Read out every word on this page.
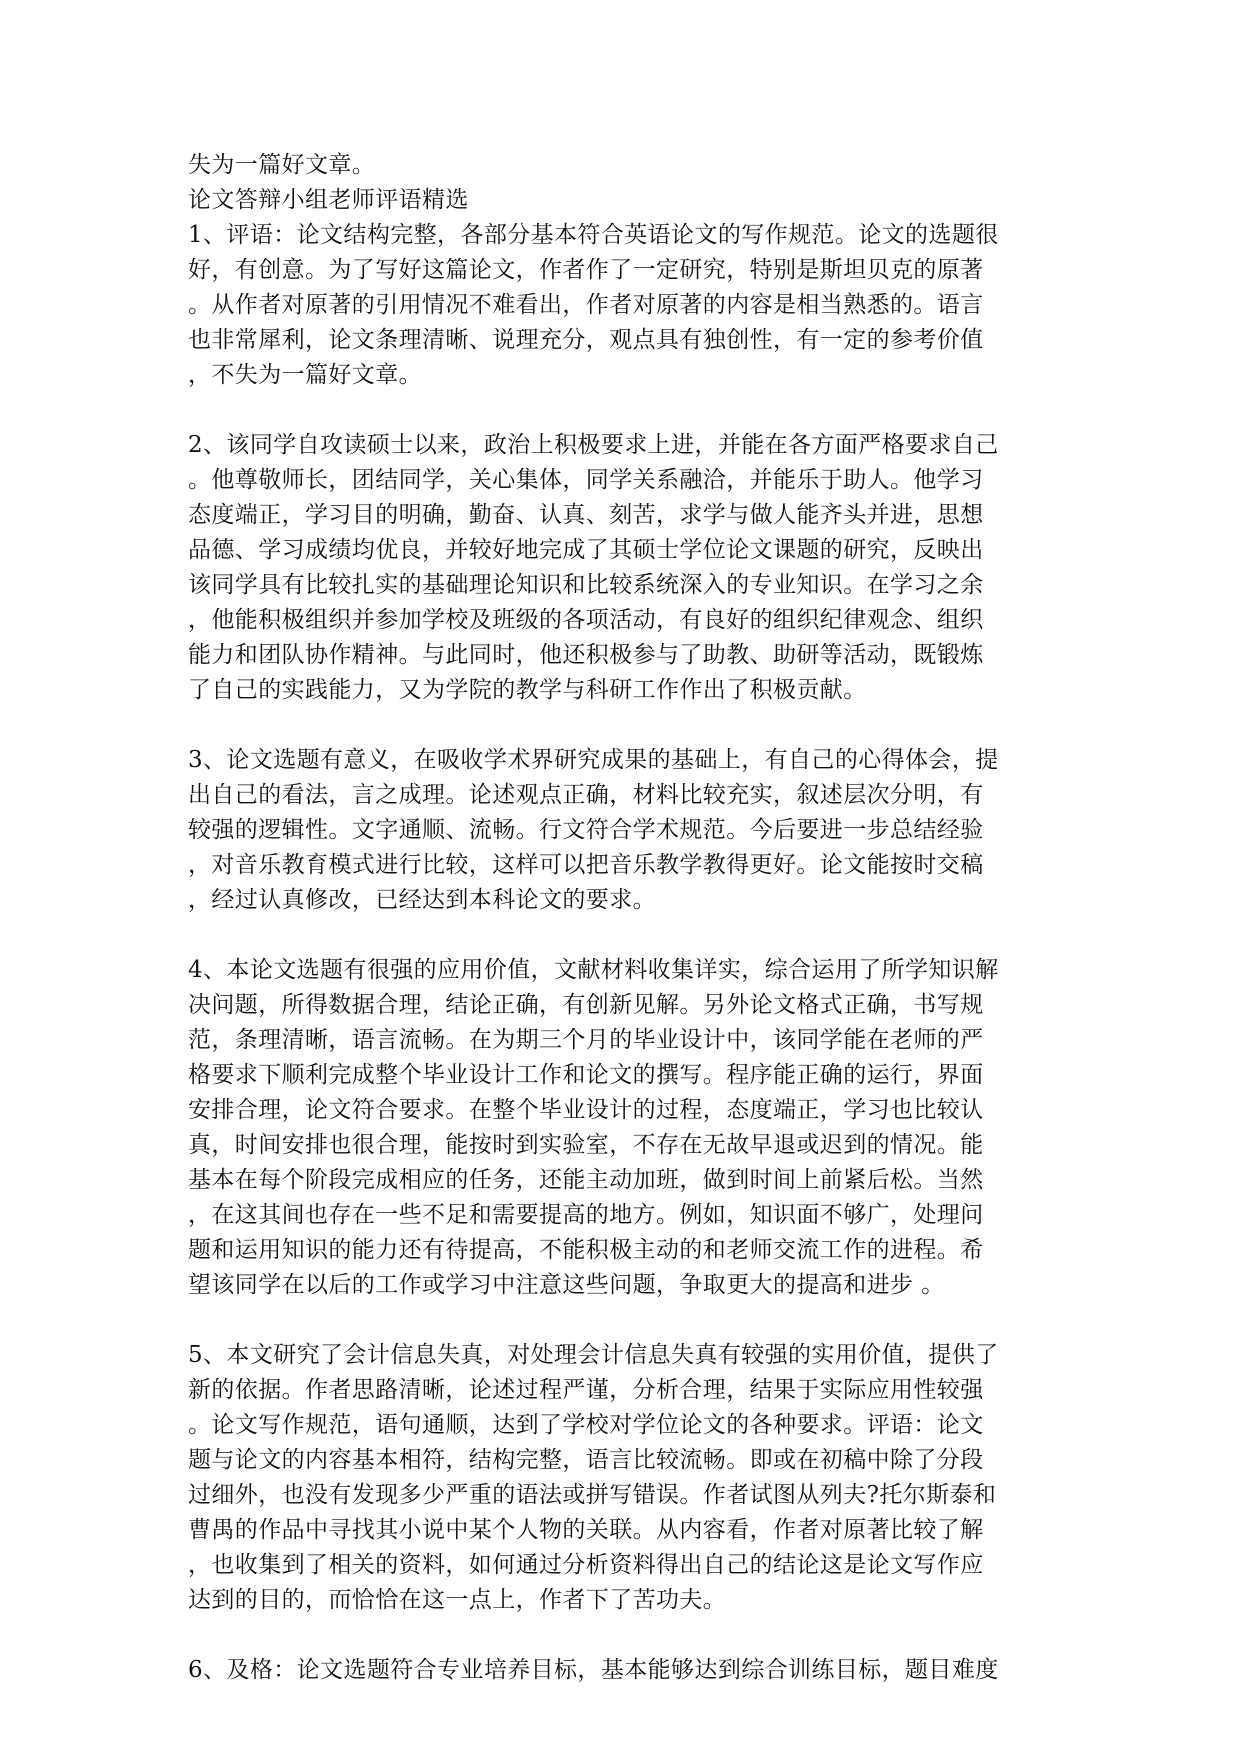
失为一篇好文章。
论文答辩小组老师评语精选
1、评语：论文结构完整，各部分基本符合英语论文的写作规范。论文的选题很
好，有创意。为了写好这篇论文，作者作了一定研究，特别是斯坦贝克的原著
。从作者对原著的引用情况不难看出，作者对原著的内容是相当熟悉的。语言
也非常犀利，论文条理清晰、说理充分，观点具有独创性，有一定的参考价值
，不失为一篇好文章。
2、该同学自攻读硕士以来，政治上积极要求上进，并能在各方面严格要求自己
。他尊敬师长，团结同学，关心集体，同学关系融洽，并能乐于助人。他学习
态度端正，学习目的明确，勤奋、认真、刻苦，求学与做人能齐头并进，思想
品德、学习成绩均优良，并较好地完成了其硕士学位论文课题的研究，反映出
该同学具有比较扎实的基础理论知识和比较系统深入的专业知识。在学习之余
，他能积极组织并参加学校及班级的各项活动，有良好的组织纪律观念、组织
能力和团队协作精神。与此同时，他还积极参与了助教、助研等活动，既锻炼
了自己的实践能力，又为学院的教学与科研工作作出了积极贡献。
3、论文选题有意义，在吸收学术界研究成果的基础上，有自己的心得体会，提
出自己的看法，言之成理。论述观点正确，材料比较充实，叙述层次分明，有
较强的逻辑性。文字通顺、流畅。行文符合学术规范。今后要进一步总结经验
，对音乐教育模式进行比较，这样可以把音乐教学教得更好。论文能按时交稿
，经过认真修改，已经达到本科论文的要求。
4、本论文选题有很强的应用价值，文献材料收集详实，综合运用了所学知识解
决问题，所得数据合理，结论正确，有创新见解。另外论文格式正确，书写规
范，条理清晰，语言流畅。在为期三个月的毕业设计中，该同学能在老师的严
格要求下顺利完成整个毕业设计工作和论文的撰写。程序能正确的运行，界面
安排合理，论文符合要求。在整个毕业设计的过程，态度端正，学习也比较认
真，时间安排也很合理，能按时到实验室，不存在无故早退或迟到的情况。能
基本在每个阶段完成相应的任务，还能主动加班，做到时间上前紧后松。当然
，在这其间也存在一些不足和需要提高的地方。例如，知识面不够广，处理问
题和运用知识的能力还有待提高，不能积极主动的和老师交流工作的进程。希
望该同学在以后的工作或学习中注意这些问题，争取更大的提高和进步 。
5、本文研究了会计信息失真，对处理会计信息失真有较强的实用价值，提供了
新的依据。作者思路清晰，论述过程严谨，分析合理，结果于实际应用性较强
。论文写作规范，语句通顺，达到了学校对学位论文的各种要求。评语：论文
题与论文的内容基本相符，结构完整，语言比较流畅。即或在初稿中除了分段
过细外，也没有发现多少严重的语法或拼写错误。作者试图从列夫?托尔斯泰和
曹禺的作品中寻找其小说中某个人物的关联。从内容看，作者对原著比较了解
，也收集到了相关的资料，如何通过分析资料得出自己的结论这是论文写作应
达到的目的，而恰恰在这一点上，作者下了苦功夫。
6、及格：论文选题符合专业培养目标，基本能够达到综合训练目标，题目难度
